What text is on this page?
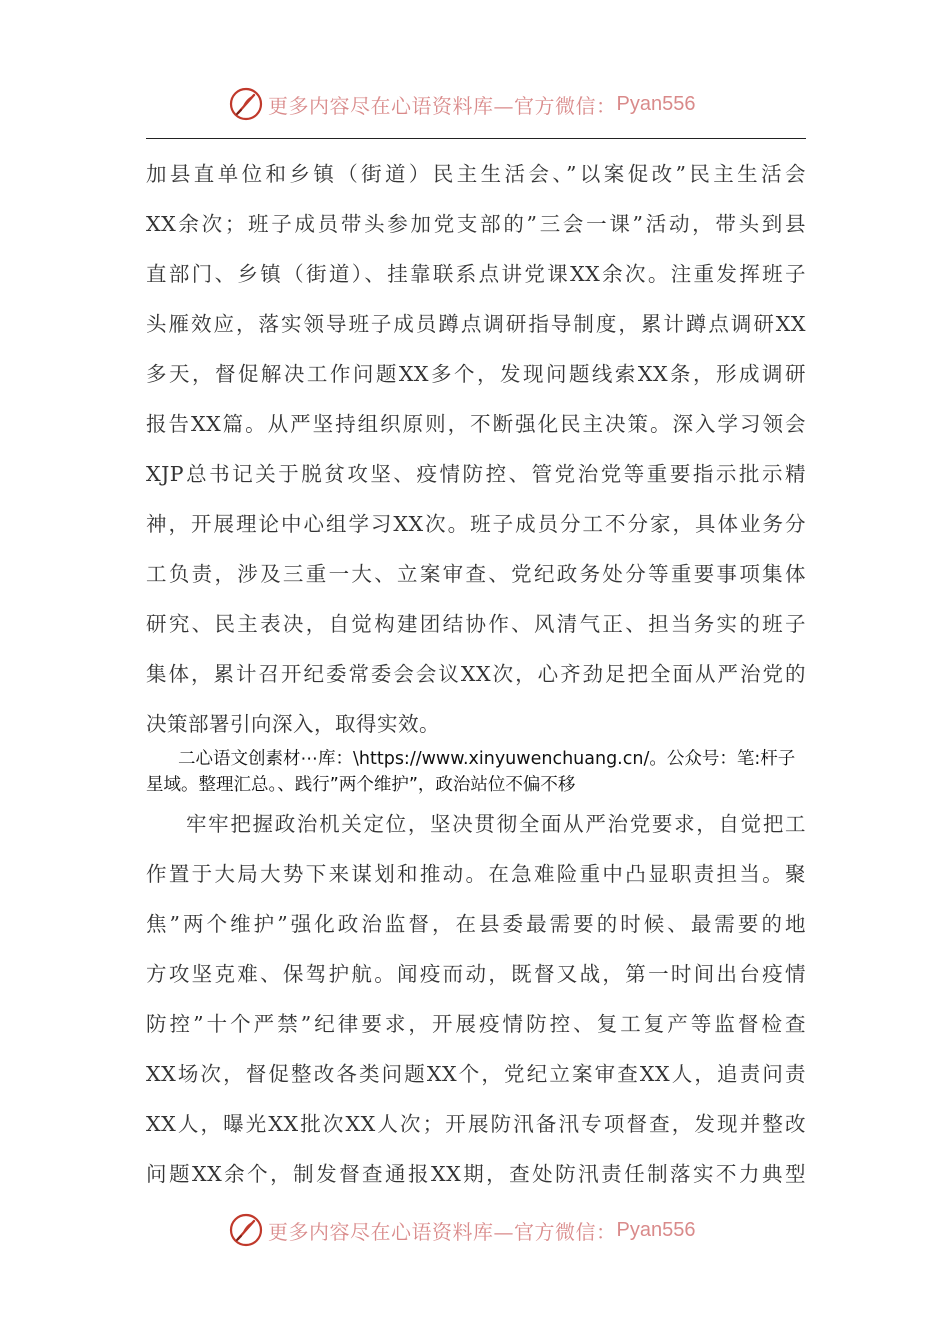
更多内容尽在心语资料库—官方微信： Pyan556
加县直单位和乡镇（街道）民主生活会、”以案促改”民主生活会
XX余次；班子成员带头参加党支部的”三会一课”活动，带头到县
直部门、乡镇（街道）、挂靠联系点讲党课XX余次。注重发挥班子
头雁效应，落实领导班子成员蹲点调研指导制度，累计蹲点调研XX
多天，督促解决工作问题XX多个，发现问题线索XX条，形成调研
报告XX篇。从严坚持组织原则，不断强化民主决策。深入学习领会
XJP总书记关于脱贫攻坚、疫情防控、管党治党等重要指示批示精
神，开展理论中心组学习XX次。班子成员分工不分家，具体业务分
工负责，涉及三重一大、立案审查、党纪政务处分等重要事项集体
研究、民主表决，自觉构建团结协作、风清气正、担当务实的班子
集体，累计召开纪委常委会会议XX次，心齐劲足把全面从严治党的
决策部署引向深入，取得实效。
二心语文创素材⋯库：\https://www.xinyuwenchuang.cn/。公众号：笔:杆子
星域。整理汇总。、践行”两个维护”，政治站位不偏不移
牢牢把握政治机关定位，坚决贯彻全面从严治党要求，自觉把工
作置于大局大势下来谋划和推动。在急难险重中凸显职责担当。聚
焦”两个维护”强化政治监督，在县委最需要的时候、最需要的地
方攻坚克难、保驾护航。闻疫而动，既督又战，第一时间出台疫情
防控”十个严禁”纪律要求，开展疫情防控、复工复产等监督检查
XX场次，督促整改各类问题XX个，党纪立案审查XX人，追责问责
XX人，曝光XX批次XX人次；开展防汛备汛专项督查，发现并整改
问题XX余个，制发督查通报XX期，查处防汛责任制落实不力典型
更多内容尽在心语资料库—官方微信： Pyan556
